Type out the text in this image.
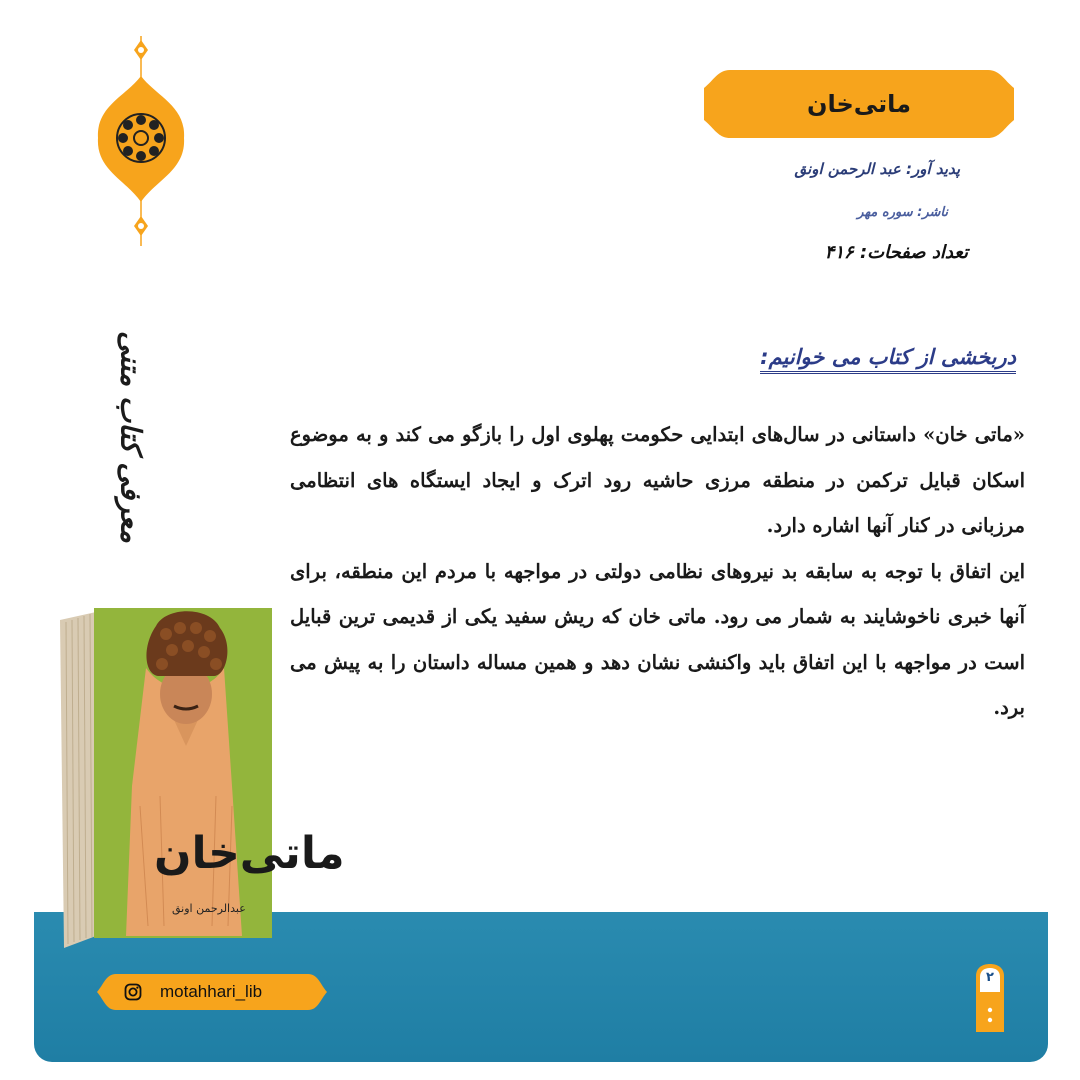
معرفی کتاب متنی
ماتی‌خان
پدید آور: عبد الرحمن اونق
ناشر: سوره مهر
تعداد صفحات: ۴۱۶
​
دربخشی از کتاب می خوانیم:

«ماتی خان» داستانی در سال‌های ابتدایی حکومت پهلوی اول را بازگو می کند و به موضوع اسکان قبایل ترکمن در منطقه مرزی حاشیه رود اترک و ایجاد ایستگاه های انتظامی مرزبانی در کنار آنها اشاره دارد.

این اتفاق با توجه به سابقه بد نیروهای نظامی دولتی در مواجهه با مردم این منطقه، برای آنها خبری ناخوشایند به شمار می رود. ماتی خان که ریش سفید یکی از قدیمی ترین قبایل است در مواجهه با این اتفاق باید واکنشی نشان دهد و همین مساله داستان را به پیش می برد.

ماتی‌خان
عبدالرحمن اونق
motahhari_lib
۲
